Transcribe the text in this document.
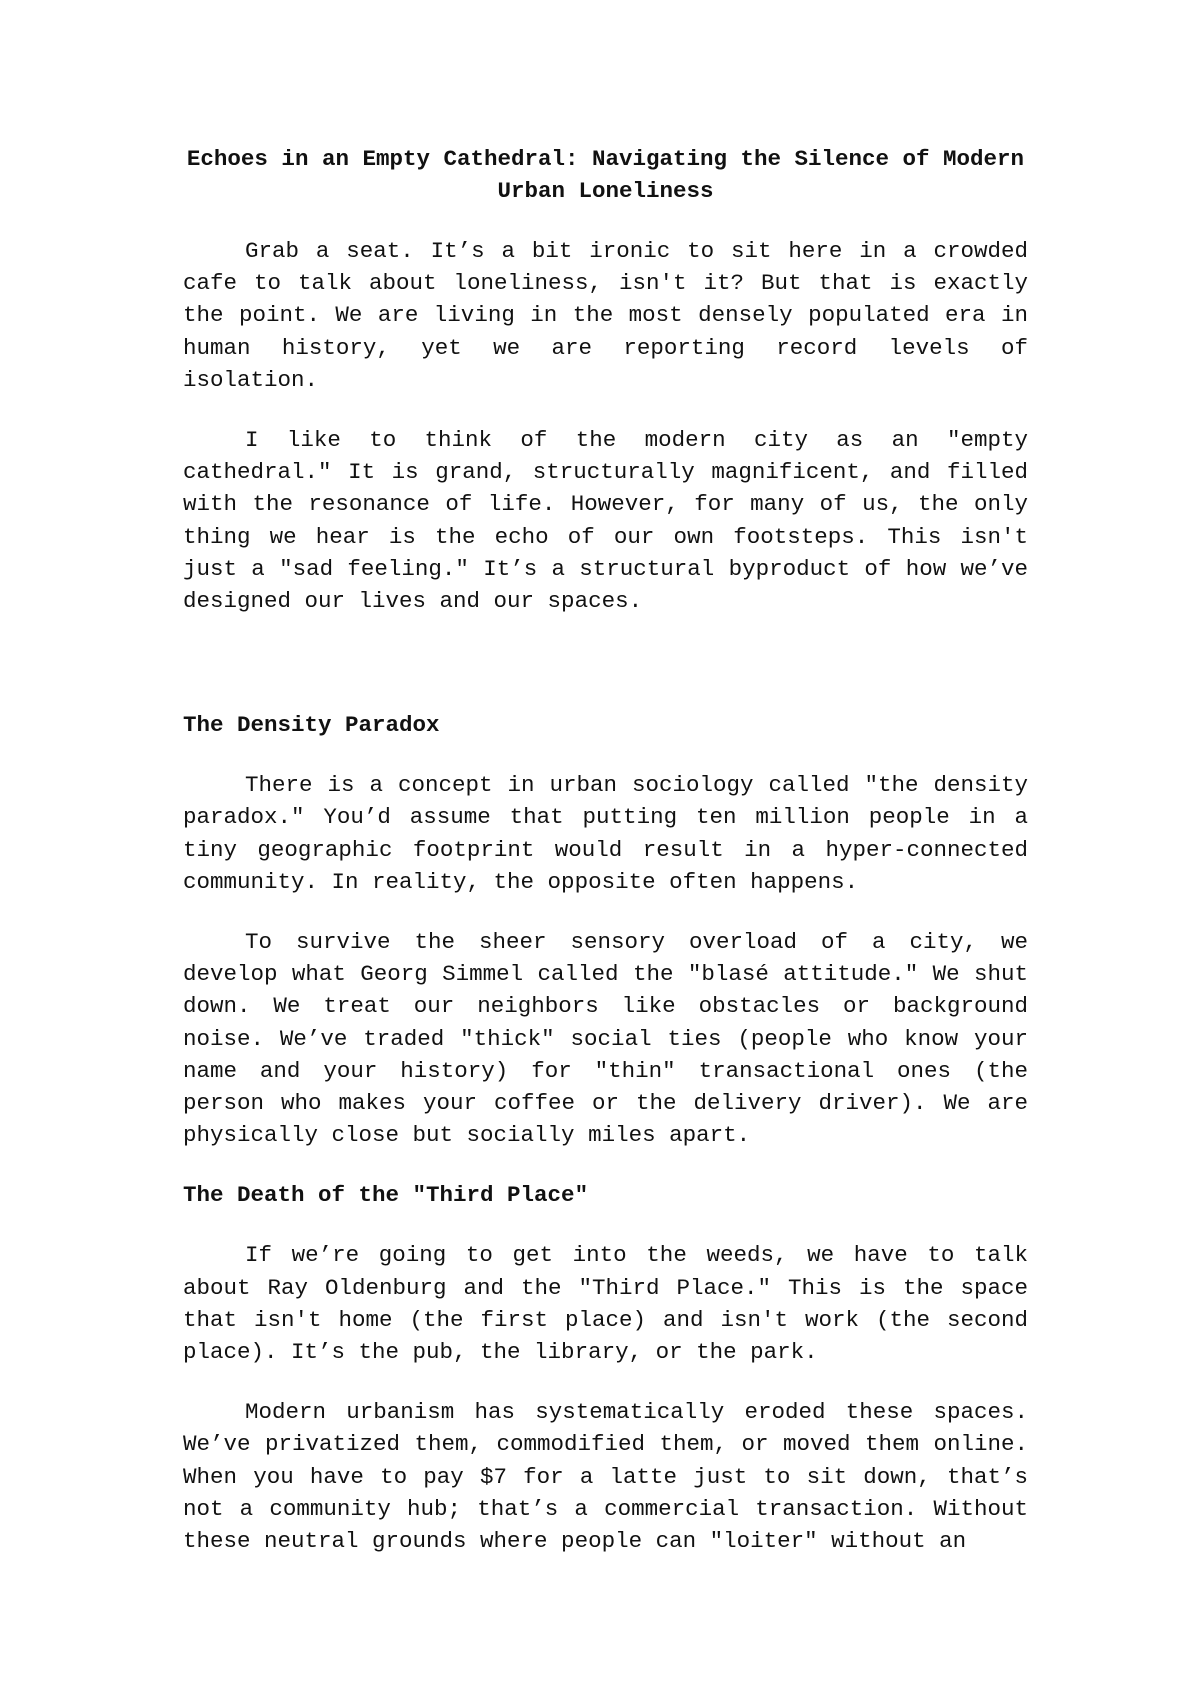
Echoes in an Empty Cathedral: Navigating the Silence of Modern Urban Loneliness

Grab a seat. It’s a bit ironic to sit here in a crowded cafe to talk about loneliness, isn't it? But that is exactly the point. We are living in the most densely populated era in human history, yet we are reporting record levels of isolation.

I like to think of the modern city as an "empty cathedral." It is grand, structurally magnificent, and filled with the resonance of life. However, for many of us, the only thing we hear is the echo of our own footsteps. This isn't just a "sad feeling." It’s a structural byproduct of how we’ve designed our lives and our spaces.

The Density Paradox

There is a concept in urban sociology called "the density paradox." You’d assume that putting ten million people in a tiny geographic footprint would result in a hyper-connected community. In reality, the opposite often happens.

To survive the sheer sensory overload of a city, we develop what Georg Simmel called the "blasé attitude." We shut down. We treat our neighbors like obstacles or background noise. We’ve traded "thick" social ties (people who know your name and your history) for "thin" transactional ones (the person who makes your coffee or the delivery driver). We are physically close but socially miles apart.

The Death of the "Third Place"

If we’re going to get into the weeds, we have to talk about Ray Oldenburg and the "Third Place." This is the space that isn't home (the first place) and isn't work (the second place). It’s the pub, the library, or the park.

Modern urbanism has systematically eroded these spaces. We’ve privatized them, commodified them, or moved them online. When you have to pay $7 for a latte just to sit down, that’s not a community hub; that’s a commercial transaction. Without these neutral grounds where people can "loiter" without an
